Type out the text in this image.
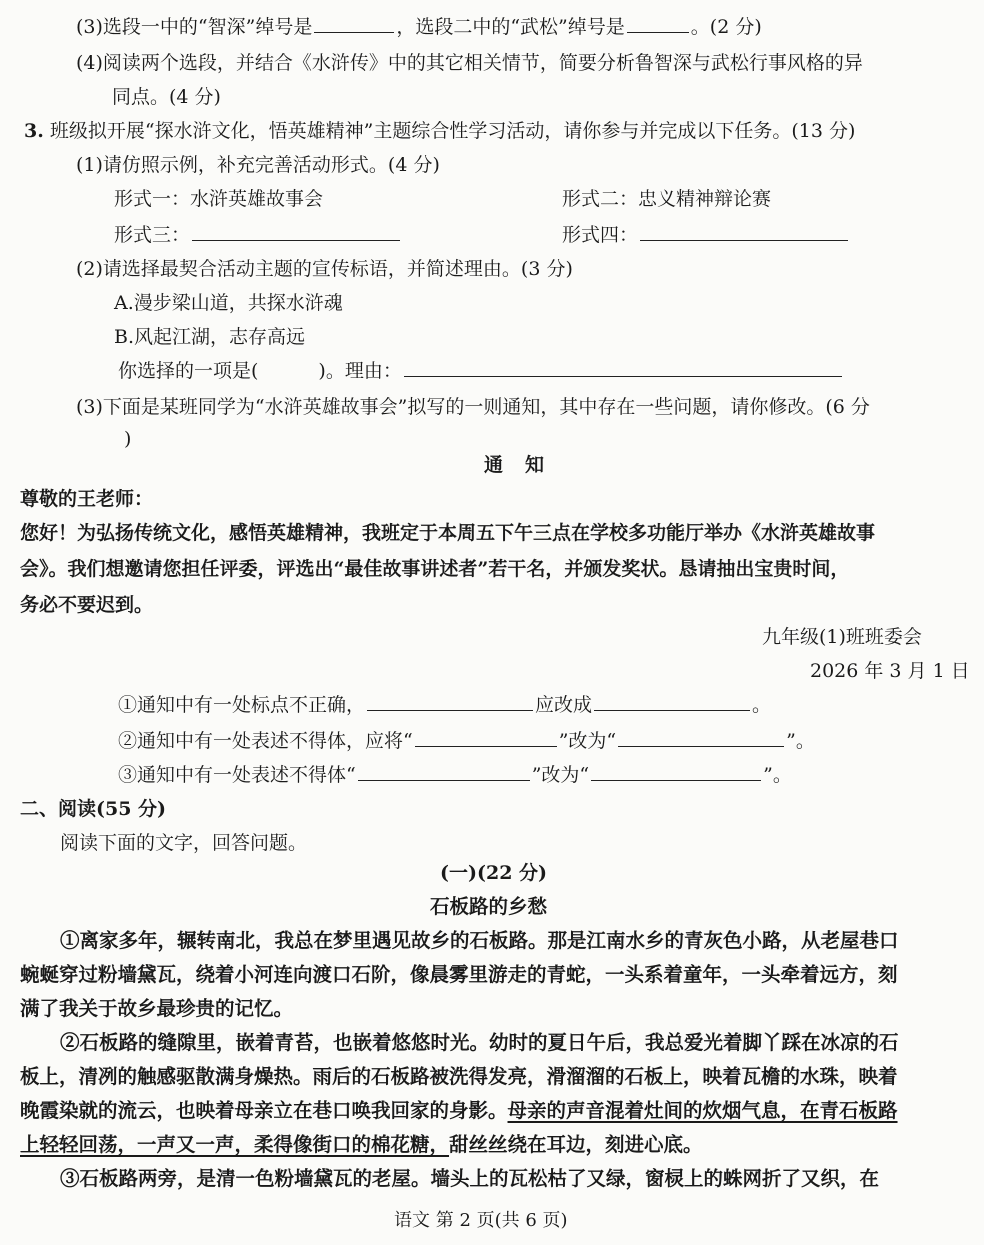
(3)选段一中的“智深”绰号是	，选段二中的“武松”绰号是	。(2 分)
(4)阅读两个选段，并结合《水浒传》中的其它相关情节，简要分析鲁智深与武松行事风格的异
同点。(4 分)
3. 班级拟开展“探水浒文化，悟英雄精神”主题综合性学习活动，请你参与并完成以下任务。(13 分)
(1)请仿照示例，补充完善活动形式。(4 分)
形式一：水浒英雄故事会	形式二：忠义精神辩论赛
形式三：	形式四：
(2)请选择最契合活动主题的宣传标语，并简述理由。(3 分)
A.漫步梁山道，共探水浒魂
B.风起江湖，志存高远
你选择的一项是(	)。理由：
(3)下面是某班同学为“水浒英雄故事会”拟写的一则通知，其中存在一些问题，请你修改。(6 分
)
通知
尊敬的王老师：
您好！为弘扬传统文化，感悟英雄精神，我班定于本周五下午三点在学校多功能厅举办《水浒英雄故事
会》。我们想邀请您担任评委，评选出“最佳故事讲述者”若干名，并颁发奖状。恳请抽出宝贵时间，
务必不要迟到。
九年级(1)班班委会
2026 年 3 月 1 日
①通知中有一处标点不正确，	应改成	。
②通知中有一处表述不得体，应将“	”改为“	”。
③通知中有一处表述不得体“	”改为“	”。
二、阅读(55 分)
阅读下面的文字，回答问题。
(一)(22 分)
石板路的乡愁
①离家多年，辗转南北，我总在梦里遇见故乡的石板路。那是江南水乡的青灰色小路，从老屋巷口
蜿蜒穿过粉墙黛瓦，绕着小河连向渡口石阶，像晨雾里游走的青蛇，一头系着童年，一头牵着远方，刻
满了我关于故乡最珍贵的记忆。
②石板路的缝隙里，嵌着青苔，也嵌着悠悠时光。幼时的夏日午后，我总爱光着脚丫踩在冰凉的石
板上，清冽的触感驱散满身燥热。雨后的石板路被洗得发亮，滑溜溜的石板上，映着瓦檐的水珠，映着
晚霞染就的流云，也映着母亲立在巷口唤我回家的身影。母亲的声音混着灶间的炊烟气息，在青石板路
上轻轻回荡，一声又一声，柔得像街口的棉花糖，甜丝丝绕在耳边，刻进心底。
③石板路两旁，是清一色粉墙黛瓦的老屋。墙头上的瓦松枯了又绿，窗棂上的蛛网折了又织，在
语文 第 2 页(共 6 页)
